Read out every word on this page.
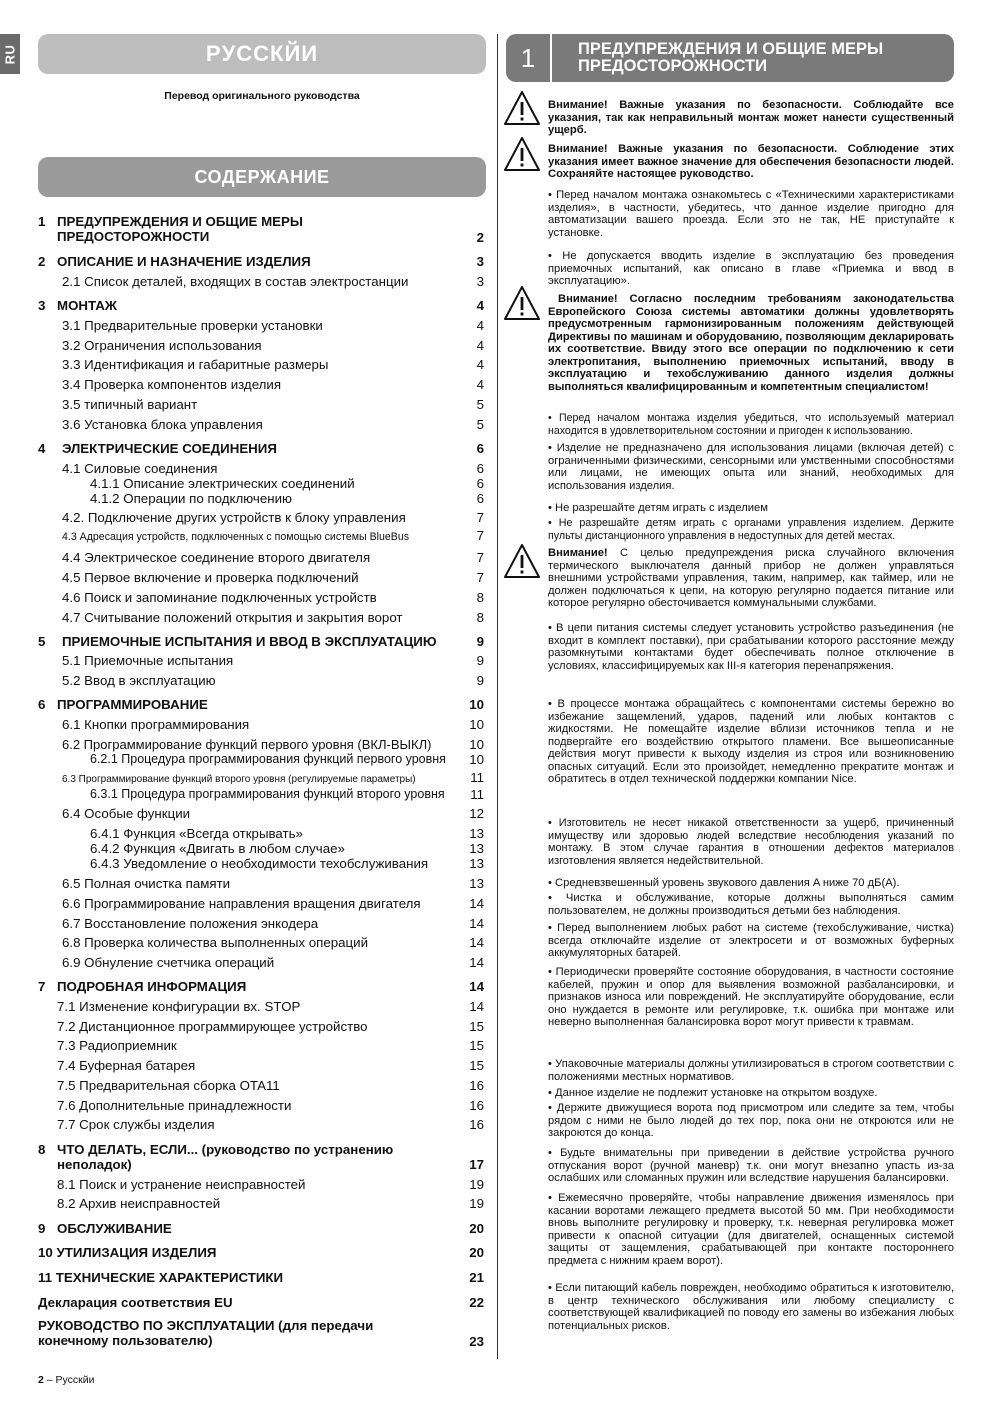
RU	PУССКЙИ
Перевод оригинального руководства
СОДЕРЖАНИЕ
1 ПРЕДУПРЕЖДЕНИЯ И ОБЩИЕ МЕРЫ ПРЕДОСТОРОЖНОСТИ	2
2 ОПИСАНИЕ И НАЗНАЧЕНИЕ ИЗДЕЛИЯ	3
2.1 Список деталей, входящих в состав электростанции	3
3 МОНТАЖ	4
3.1 Предварительные проверки установки	4
3.2 Ограничения использования	4
3.3 Идентификация и габаритные размеры	4
3.4 Проверка компонентов изделия	4
3.5 типичный вариант	5
3.6 Установка блока управления	5
4 ЭЛЕКТРИЧЕСКИЕ СОЕДИНЕНИЯ	6
4.1 Силовые соединения	6
4.1.1 Описание электрических соединений	6
4.1.2 Операции по подключению	6
4.2. Подключение других устройств к блоку управления	7
4.3 Адресация устройств, подключенных с помощью системы BlueBus	7
4.4 Электрическое соединение второго двигателя	7
4.5 Первое включение и проверка подключений	7
4.6 Поиск и запоминание подключенных устройств	8
4.7 Считывание положений открытия и закрытия ворот	8
5 ПРИЕМОЧНЫЕ ИСПЫТАНИЯ И ВВОД В ЭКСПЛУАТАЦИЮ	9
5.1 Приемочные испытания	9
5.2 Ввод в эксплуатацию	9
6 ПРОГРАММИРОВАНИЕ	10
6.1 Кнопки программирования	10
6.2 Программирование функций первого уровня (ВКЛ-ВЫКЛ)	10
6.2.1 Процедура программирования функций первого уровня 10
6.3 Программирование функций второго уровня (регулируемые параметры)	11
6.3.1 Процедура программирования функций второго уровня 11
6.4 Особые функции	12
6.4.1 Функция «Всегда открывать»	13
6.4.2 Функция «Двигать в любом случае»	13
6.4.3 Уведомление о необходимости техобслуживания	13
6.5 Полная очистка памяти	13
6.6 Программирование направления вращения двигателя	14
6.7 Восстановление положения энкодера	14
6.8 Проверка количества выполненных операций	14
6.9 Обнуление счетчика операций	14
7 ПОДРОБНАЯ ИНФОРМАЦИЯ	14
7.1 Изменение конфигурации вх. STOP	14
7.2 Дистанционное программирующее устройство	15
7.3 Радиоприемник	15
7.4 Буферная батарея	15
7.5 Предварительная сборка OTA11	16
7.6 Дополнительные принадлежности	16
7.7 Срок службы изделия	16
8 ЧТО ДЕЛАТЬ, ЕСЛИ... (руководство по устранению неполадок)	17
8.1 Поиск и устранение неисправностей	19
8.2 Архив неисправностей	19
9 ОБСЛУЖИВАНИЕ	20
10 УТИЛИЗАЦИЯ ИЗДЕЛИЯ	20
11 ТЕХНИЧЕСКИЕ ХАРАКТЕРИСТИКИ	21
Декларация соответствия EU	22
РУКОВОДСТВО ПО ЭКСПЛУАТАЦИИ (для передачи конечному пользователю)	23
1	ПРЕДУПРЕЖДЕНИЯ И ОБЩИЕ МЕРЫ
ПРЕДОСТОРОЖНОСТИ
Внимание! Важные указания по безопасности. Соблюдайте все указания, так как неправильный монтаж может нанести существенный ущерб.
Внимание! Важные указания по безопасности. Соблюдение этих указания имеет важное значение для обеспечения безопасности людей. Сохраняйте настоящее руководство.
• Перед началом монтажа ознакомьтесь с «Техническими характеристиками изделия», в частности, убедитесь, что данное изделие пригодно для автоматизации вашего проезда. Если это не так, НЕ приступайте к установке.
• Не допускается вводить изделие в эксплуатацию без проведения приемочных испытаний, как описано в главе «Приемка и ввод в эксплуатацию».
Внимание! Согласно последним требованиям законодательства Европейского Союза системы автоматики должны удовлетворять предусмотренным гармонизированным положениям действующей Директивы по машинам и оборудованию, позволяющим декларировать их соответствие. Ввиду этого все операции по подключению к сети электропитания, выполнению приемочных испытаний, вводу в эксплуатацию и техобслуживанию данного изделия должны выполняться квалифицированным и компетентным специалистом!
• Перед началом монтажа изделия убедиться, что используемый материал находится в удовлетворительном состоянии и пригоден к использованию.
• Изделие не предназначено для использования лицами (включая детей) с ограниченными физическими, сенсорными или умственными способностями или лицами, не имеющих опыта или знаний, необходимых для использования изделия.
• Не разрешайте детям играть с изделием
• Не разрешайте детям играть с органами управления изделием. Держите пульты дистанционного управления в недоступных для детей местах.
Внимание! С целью предупреждения риска случайного включения термического выключателя данный прибор не должен управляться внешними устройствами управления, таким, например, как таймер, или не должен подключаться к цепи, на которую регулярно подается питание или которое регулярно обесточивается коммунальными службами.
• В цепи питания системы следует установить устройство разъединения (не входит в комплект поставки), при срабатывании которого расстояние между разомкнутыми контактами будет обеспечивать полное отключение в условиях, классифицируемых как III-я категория перенапряжения.
• В процессе монтажа обращайтесь с компонентами системы бережно во избежание защемлений, ударов, падений или любых контактов с жидкостями. Не помещайте изделие вблизи источников тепла и не подвергайте его воздействию открытого пламени. Все вышеописанные действия могут привести к выходу изделия из строя или возникновению опасных ситуаций. Если это произойдет, немедленно прекратите монтаж и обратитесь в отдел технической поддержки компании Nice.
• Изготовитель не несет никакой ответственности за ущерб, причиненный имуществу или здоровью людей вследствие несоблюдения указаний по монтажу. В этом случае гарантия в отношении дефектов материалов изготовления является недействительной.
• Средневзвешенный уровень звукового давления A ниже 70 дБ(A).
• Чистка и обслуживание, которые должны выполняться самим пользователем, не должны производиться детьми без наблюдения.
• Перед выполнением любых работ на системе (техобслуживание, чистка) всегда отключайте изделие от электросети и от возможных буферных аккумуляторных батарей.
• Периодически проверяйте состояние оборудования, в частности состояние кабелей, пружин и опор для выявления возможной разбалансировки, и признаков износа или повреждений. Не эксплуатируйте оборудование, если оно нуждается в ремонте или регулировке, т.к. ошибка при монтаже или неверно выполненная балансировка ворот могут привести к травмам.
• Упаковочные материалы должны утилизироваться в строгом соответствии с положениями местных нормативов.
• Данное изделие не подлежит установке на открытом воздухе.
• Держите движущиеся ворота под присмотром или следите за тем, чтобы рядом с ними не было людей до тех пор, пока они не откроются или не закроются до конца.
• Будьте внимательны при приведении в действие устройства ручного отпускания ворот (ручной маневр) т.к. они могут внезапно упасть из-за ослабших или сломанных пружин или вследствие нарушения балансировки.
• Ежемесячно проверяйте, чтобы направление движения изменялось при касании воротами лежащего предмета высотой 50 мм. При необходимости вновь выполните регулировку и проверку, т.к. неверная регулировка может привести к опасной ситуации (для двигателей, оснащенных системой защиты от защемления, срабатывающей при контакте постороннего предмета с нижним краем ворот).
• Если питающий кабель поврежден, необходимо обратиться к изготовителю, в центр технического обслуживания или любому специалисту с соответствующей квалификацией по поводу его замены во избежания любых потенциальных рисков.
2 – Русскйи
